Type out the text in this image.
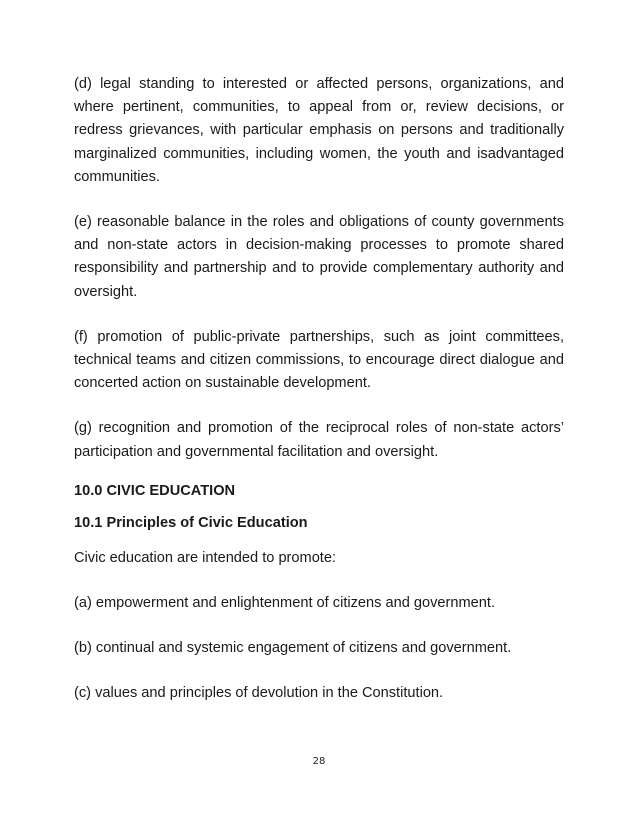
(d) legal standing to interested or affected persons, organizations, and where pertinent, communities, to appeal from or, review decisions, or redress grievances, with particular emphasis on persons and traditionally marginalized communities, including women, the youth and isadvantaged communities.

(e) reasonable balance in the roles and obligations of county governments and non-state actors in decision-making processes to promote shared responsibility and partnership and to provide complementary authority and oversight.

(f) promotion of public-private partnerships, such as joint committees, technical teams and citizen commissions, to encourage direct dialogue and concerted action on sustainable development.

(g) recognition and promotion of the reciprocal roles of non-state actors’ participation and governmental facilitation and oversight.

10.0 CIVIC EDUCATION
10.1 Principles of Civic Education

Civic education are intended to promote:

(a) empowerment and enlightenment of citizens and government.

(b) continual and systemic engagement of citizens and government.

(c) values and principles of devolution in the Constitution.

28
